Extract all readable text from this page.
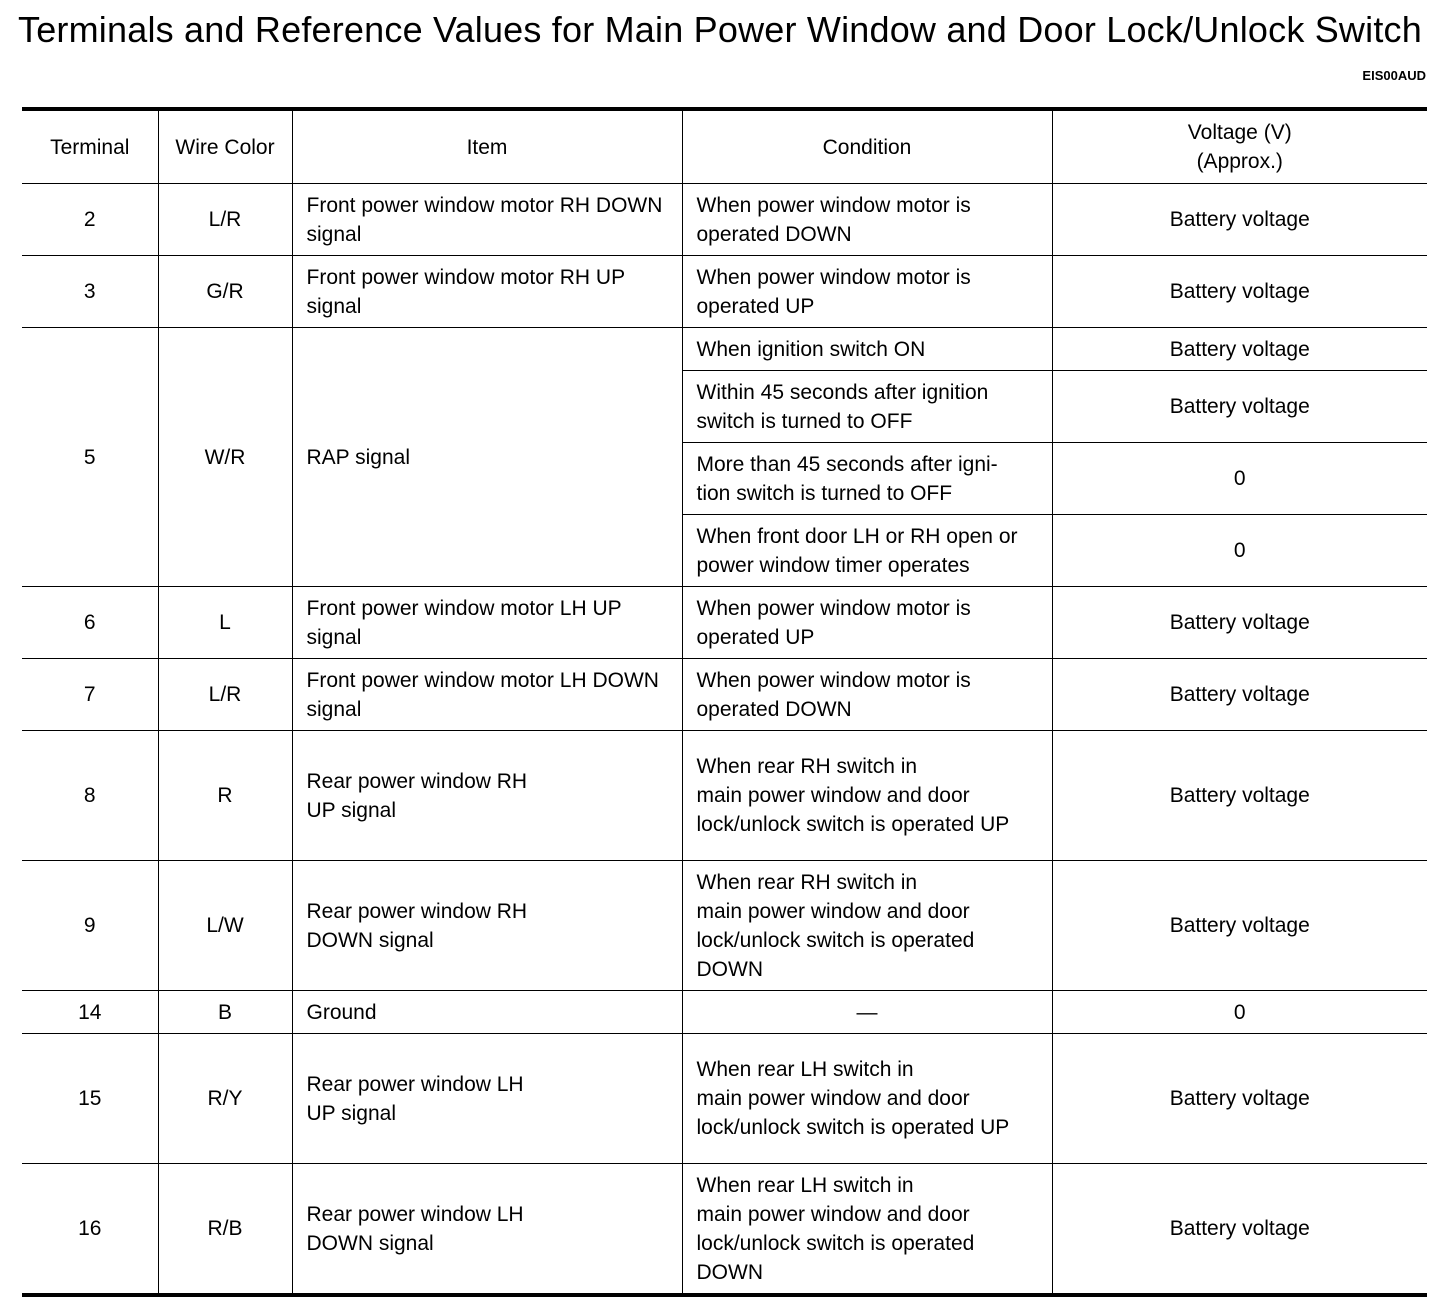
Terminals and Reference Values for Main Power Window and Door Lock/Unlock Switch
EIS00AUD
Terminal	Wire Color	Item	Condition	Voltage (V)
(Approx.)
2	L/R	Front power window motor RH DOWN signal	When power window motor is operated DOWN	Battery voltage
3	G/R	Front power window motor RH UP signal	When power window motor is operated UP	Battery voltage
5	W/R	RAP signal	When ignition switch ON	Battery voltage
			Within 45 seconds after ignition switch is turned to OFF	Battery voltage
			More than 45 seconds after igni-
tion switch is turned to OFF	0
			When front door LH or RH open or power window timer operates	0
6	L	Front power window motor LH UP signal	When power window motor is operated UP	Battery voltage
7	L/R	Front power window motor LH DOWN signal	When power window motor is operated DOWN	Battery voltage
8	R	Rear power window RH
UP signal	When rear RH switch in
main power window and door lock/unlock switch is operated UP	Battery voltage
9	L/W	Rear power window RH
DOWN signal	When rear RH switch in
main power window and door lock/unlock switch is operated DOWN	Battery voltage
14	B	Ground	—	0
15	R/Y	Rear power window LH
UP signal	When rear LH switch in
main power window and door lock/unlock switch is operated UP	Battery voltage
16	R/B	Rear power window LH
DOWN signal	When rear LH switch in
main power window and door lock/unlock switch is operated DOWN	Battery voltage
